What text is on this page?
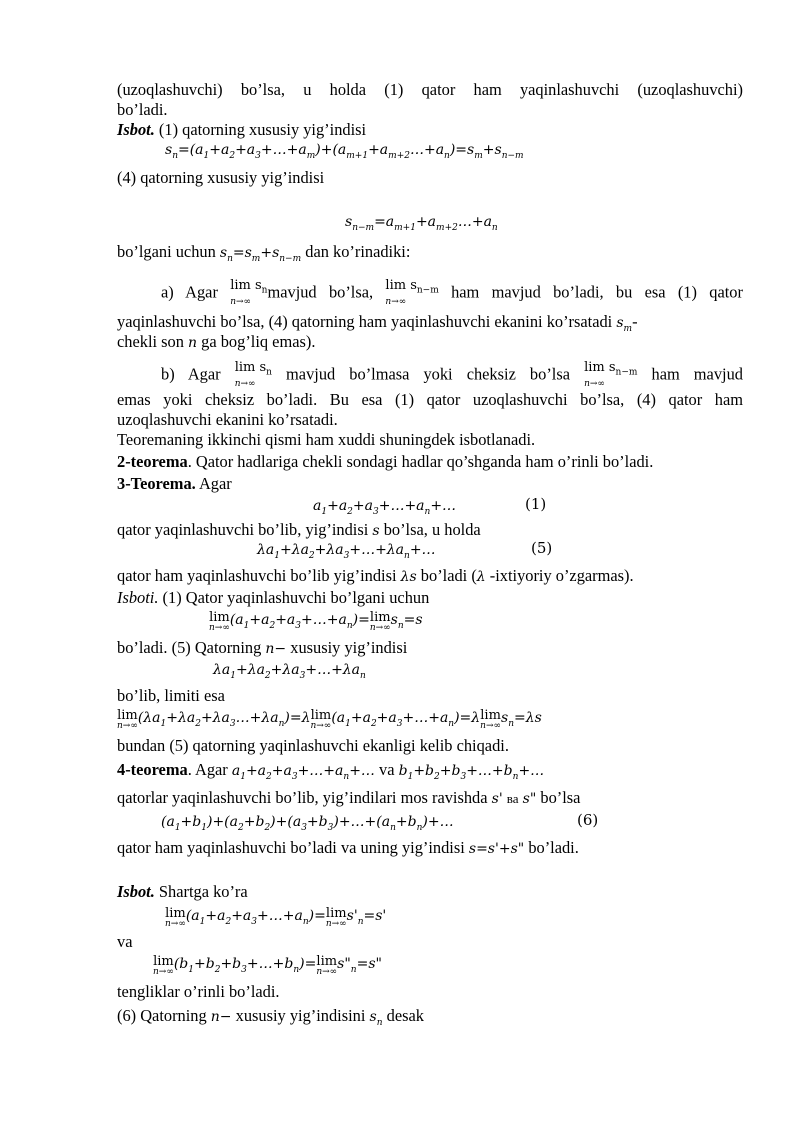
(uzoqlashuvchi) bo’lsa, u holda (1) qator ham yaqinlashuvchi (uzoqlashuvchi)
bo’ladi.
Isbot. (1) qatorning xususiy yig’indisi
$s_n=(a_1+a_2+a_3+\dots+a_m)+(a_{m+1}+a_{m+2}\dots+a_n)=s_m+s_{n-m}$
(4) qatorning xususiy yig’indisi
$s_{n-m}=a_{m+1}+a_{m+2}\dots+a_n$
bo’lgani uchun $s_n=s_m+s_{n-m}$ dan ko’rinadiki:
a) Agar $\lim s_n$
n→∞	mavjud bo’lsa, $\lim s_{n-m}$
n→∞	ham mavjud bo’ladi, bu esa (1) qator
yaqinlashuvchi bo’lsa, (4) qatorning ham yaqinlashuvchi ekanini ko’rsatadi $s_m-$
chekli son n ga bog’liq emas).
b) Agar $\lim s_n$
n→∞	mavjud bo’lmasa yoki cheksiz bo’lsa $\lim s_{n-m}$
n→∞	ham mavjud
emas yoki cheksiz bo’ladi. Bu esa (1) qator uzoqlashuvchi bo’lsa, (4) qator ham
uzoqlashuvchi ekanini ko’rsatadi.
Teoremaning ikkinchi qismi ham xuddi shuningdek isbotlanadi.
2-teorema. Qator hadlariga chekli sondagi hadlar qo’shganda ham o’rinli bo’ladi.
3-Teorema. Agar
$a_1+a_2+a_3+\dots+a_n+\dots$	(1)
qator yaqinlashuvchi bo’lib, yig’indisi s bo’lsa, u holda
$\lambda a_1+\lambda a_2+\lambda a_3+\dots+\lambda a_n+\dots$	(5)
qator ham yaqinlashuvchi bo’lib yig’indisi λs bo’ladi (λ -ixtiyoriy o’zgarmas).
Isboti. (1) Qator yaqinlashuvchi bo’lgani uchun
lim
n→∞ $(a_1+a_2+a_3+\dots+a_n)=\lim$
n→∞ $s_n=s$
bo’ladi. (5) Qatorning n− xususiy yig’indisi
$\lambda a_1+\lambda a_2+\lambda a_3+\dots+\lambda a_n$
bo’lib, limiti esa
lim
n→∞ $(\lambda a_1+\lambda a_2+\lambda a_3\dots+\lambda a_n)=\lambda\lim$
n→∞ $(a_1+a_2+a_3+\dots+a_n)=\lambda\lim$
n→∞ $s_n=\lambda s$
bundan (5) qatorning yaqinlashuvchi ekanligi kelib chiqadi.
4-teorema. Agar $a_1+a_2+a_3+\dots+a_n+\dots$ va $b_1+b_2+b_3+\dots+b_n+\dots$
qatorlar yaqinlashuvchi bo’lib, yig’indilari mos ravishda s' ва s" bo’lsa
$(a_1+b_1)+(a_2+b_2)+(a_3+b_3)+\dots+(a_n+b_n)+\dots$	(6)
qator ham yaqinlashuvchi bo’ladi va uning yig’indisi s=s'+s" bo’ladi.
Isbot. Shartga ko’ra
lim
n→∞ $(a_1+a_2+a_3+\dots+a_n)=\lim$
n→∞ $s'_n=s'$
va
lim
n→∞ $(b_1+b_2+b_3+\dots+b_n)=\lim$
n→∞ $s"_n=s$"
tengliklar o’rinli bo’ladi.
(6) Qatorning n− xususiy yig’indisini $s_n$ desak
